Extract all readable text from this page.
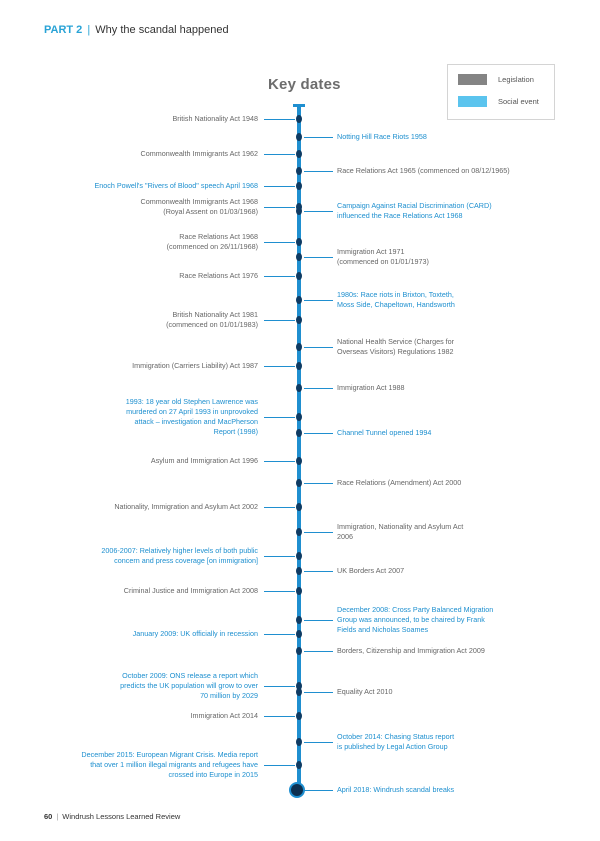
PART 2 | Why the scandal happened
Key dates	Legislation
Social event
British Nationality Act 1948
Notting Hill Race Riots 1958
Commonwealth Immigrants Act 1962
Race Relations Act 1965 (commenced on 08/12/1965)
Enoch Powell's "Rivers of Blood" speech April 1968
Commonwealth Immigrants Act 1968
(Royal Assent on 01/03/1968)
Campaign Against Racial Discrimination (CARD)
influenced the Race Relations Act 1968
Race Relations Act 1968
(commenced on 26/11/1968)
Immigration Act 1971
(commenced on 01/01/1973)
Race Relations Act 1976
1980s: Race riots in Brixton, Toxteth,
Moss Side, Chapeltown, Handsworth
British Nationality Act 1981
(commenced on 01/01/1983)
National Health Service (Charges for
Overseas Visitors) Regulations 1982
Immigration (Carriers Liability) Act 1987
Immigration Act 1988
1993: 18 year old Stephen Lawrence was
murdered on 27 April 1993 in unprovoked
attack – investigation and MacPherson
Report (1998)	Channel Tunnel opened 1994
Asylum and Immigration Act 1996
Race Relations (Amendment) Act 2000
Nationality, Immigration and Asylum Act 2002
Immigration, Nationality and Asylum Act
2006
2006-2007: Relatively higher levels of both public
concern and press coverage [on immigration]
UK Borders Act 2007
Criminal Justice and Immigration Act 2008
December 2008: Cross Party Balanced Migration
Group was announced, to be chaired by Frank
Fields and Nicholas Soames
January 2009: UK officially in recession
Borders, Citizenship and Immigration Act 2009
October 2009: ONS release a report which
predicts the UK population will grow to over
70 million by 2029	Equality Act 2010
Immigration Act 2014
October 2014: Chasing Status report
is published by Legal Action Group
December 2015: European Migrant Crisis. Media report
that over 1 million illegal migrants and refugees have
crossed into Europe in 2015
April 2018: Windrush scandal breaks
60 | Windrush Lessons Learned Review
